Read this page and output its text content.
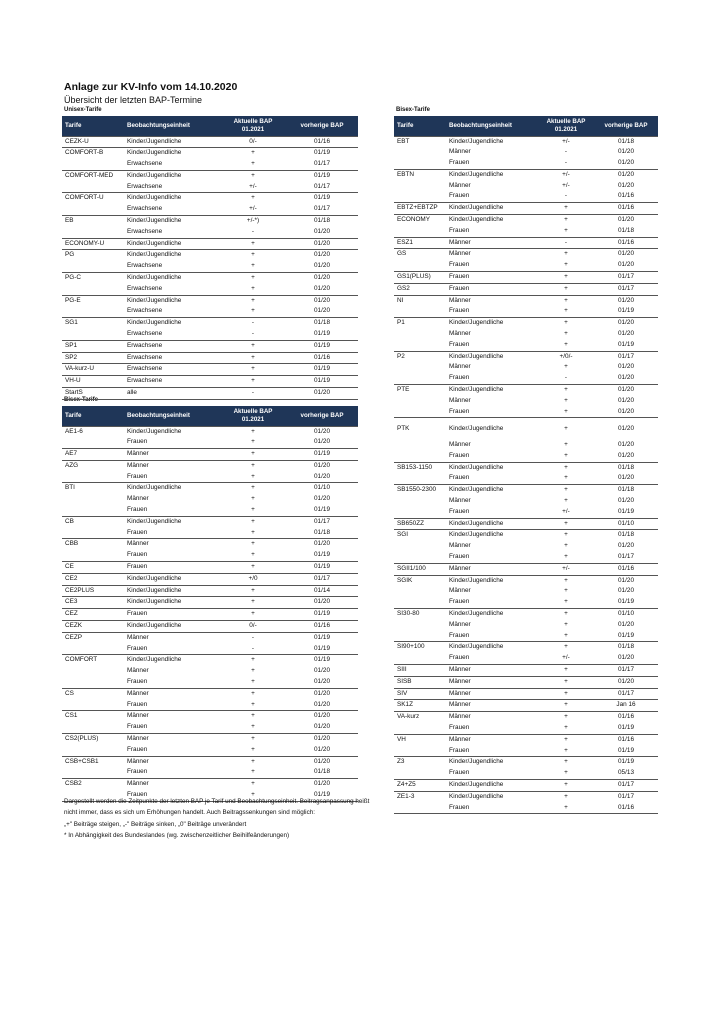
Anlage zur KV-Info vom 14.10.2020
Übersicht der letzten BAP-Termine
Unisex-Tarife	Bisex-Tarife
Bisex-Tarife
Tarife	Beobachtungseinheit	Aktuelle BAP
01.2021	vorherige BAP

CEZK-U	Kinder/Jugendliche	0/-	01/16
COMFORT-B	Kinder/Jugendliche	+	01/19
	Erwachsene	+	01/17
COMFORT-MED	Kinder/Jugendliche	+	01/19
	Erwachsene	+/-	01/17
COMFORT-U	Kinder/Jugendliche	+	01/19
	Erwachsene	+/-	01/17
EB	Kinder/Jugendliche	+/-*)	01/18
	Erwachsene	-	01/20
ECONOMY-U	Kinder/Jugendliche	+	01/20
PG	Kinder/Jugendliche	+	01/20
	Erwachsene	+	01/20
PG-C	Kinder/Jugendliche	+	01/20
	Erwachsene	+	01/20
PG-E	Kinder/Jugendliche	+	01/20
	Erwachsene	+	01/20
SG1	Kinder/Jugendliche	-	01/18
	Erwachsene	-	01/19
SP1	Erwachsene	+	01/19
SP2	Erwachsene	+	01/16
VA-kurz-U	Erwachsene	+	01/19
VH-U	Erwachsene	+	01/19
StartS	alle	-	01/20
Tarife	Beobachtungseinheit	Aktuelle BAP
01.2021	vorherige BAP

AE1-6	Kinder/Jugendliche	+	01/20
	Frauen	+	01/20
AE7	Männer	+	01/19
AZG	Männer	+	01/20
	Frauen	+	01/20
BTI	Kinder/Jugendliche	+	01/10
	Männer	+	01/20
	Frauen	+	01/19
CB	Kinder/Jugendliche	+	01/17
	Frauen	+	01/18
CBB	Männer	+	01/20
	Frauen	+	01/19
CE	Frauen	+	01/19
CE2	Kinder/Jugendliche	+/0	01/17
CE2PLUS	Kinder/Jugendliche	+	01/14
CE3	Kinder/Jugendliche	+	01/20
CEZ	Frauen	+	01/19
CEZK	Kinder/Jugendliche	0/-	01/16
CEZP	Männer	-	01/19
	Frauen	-	01/19
COMFORT	Kinder/Jugendliche	+	01/19
	Männer	+	01/20
	Frauen	+	01/20
CS	Männer	+	01/20
	Frauen	+	01/20
CS1	Männer	+	01/20
	Frauen	+	01/20
CS2(PLUS)	Männer	+	01/20
	Frauen	+	01/20
CSB+CSB1	Männer	+	01/20
	Frauen	+	01/18
CSB2	Männer	+	01/20
	Frauen	+	01/19
Tarife	Beobachtungseinheit	Aktuelle BAP
01.2021	vorherige BAP

EBT	Kinder/Jugendliche	+/-	01/18
	Männer	-	01/20
	Frauen	-	01/20
EBTN	Kinder/Jugendliche	+/-	01/20
	Männer	+/-	01/20
	Frauen	-	01/16
EBTZ+EBTZP	Kinder/Jugendliche	+	01/16
ECONOMY	Kinder/Jugendliche	+	01/20
	Frauen	+	01/18
ESZ1	Männer	-	01/16
GS	Männer	+	01/20
	Frauen	+	01/20
GS1(PLUS)	Frauen	+	01/17
GS2	Frauen	+	01/17
NI	Männer	+	01/20
	Frauen	+	01/19
P1	Kinder/Jugendliche	+	01/20
	Männer	+	01/20
	Frauen	+	01/19
P2	Kinder/Jugendliche	+/0/-	01/17
	Männer	+	01/20
	Frauen	-	01/20
PTE	Kinder/Jugendliche	+	01/20
	Männer	+	01/20
	Frauen	+	01/20
PTK	Kinder/Jugendliche	+	01/20
	Männer	+	01/20
	Frauen	+	01/20
SB153-1150	Kinder/Jugendliche	+	01/18
	Frauen	+	01/20
SB1550-2300	Kinder/Jugendliche	+	01/18
	Männer	+	01/20
	Frauen	+/-	01/19
SB650ZZ	Kinder/Jugendliche	+	01/10
SGI	Kinder/Jugendliche	+	01/18
	Männer	+	01/20
	Frauen	+	01/17
SGII1/100	Männer	+/-	01/16
SGIK	Kinder/Jugendliche	+	01/20
	Männer	+	01/20
	Frauen	+	01/19
SI30-80	Kinder/Jugendliche	+	01/10
	Männer	+	01/20
	Frauen	+	01/19
SI90+100	Kinder/Jugendliche	+	01/18
	Frauen	+/-	01/20
SIII	Männer	+	01/17
SISB	Männer	+	01/20
SIV	Männer	+	01/17
SK1Z	Männer	+	Jan 16
VA-kurz	Männer	+	01/16
	Frauen	+	01/19
VH	Männer	+	01/16
	Frauen	+	01/19
Z3	Kinder/Jugendliche	+	01/19
	Frauen	+	05/13
Z4+Z5	Kinder/Jugendliche	+	01/17
ZE1-3	Kinder/Jugendliche	+	01/17
	Frauen	+	01/16
Dargestellt werden die Zeitpunkte der letzten BAP je Tarif und Beobachtungseinheit. Beitragsanpassung heißt
nicht immer, dass es sich um Erhöhungen handelt. Auch Beitragssenkungen sind möglich:
„+" Beiträge steigen, „-" Beiträge sinken, „0" Beiträge unverändert
* In Abhängigkeit des Bundeslandes (wg. zwischenzeitlicher Beihilfeänderungen)
